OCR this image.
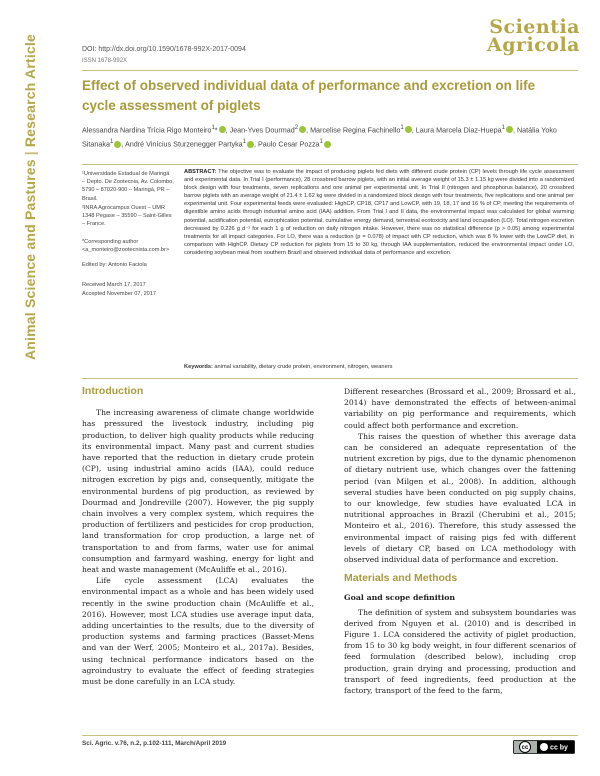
Animal Science and Pastures|Research Article
Scientia
Agricola
DOI: http://dx.doi.org/10.1590/1678-992X-2017-0094
ISSN 1678-992X
Effect of observed individual data of performance and excretion on life cycle assessment of piglets
Alessandra Nardina Trícia Rigo Monteiro$^1$* , Jean-Yves Dourmad$^2$ , Marcelise Regina Fachinello$^1$ , Laura Marcela Diaz-Huepa$^1$ , Natália Yoko Sitanaka$^1$ , André Vinícius Sturzenegger Partyka$^1$ , Paulo Cesar Pozza$^1$
¹Universidade Estadual de Maringá – Depto. De Zootecnia, Av. Colombo, 5790 – 87020-900 – Maringá, PR – Brasil.
²INRA Agrocampus Ouest – UMR 1348 Pegase – 35590 – Saint-Gilles – France.
*Corresponding author <a_monteiro@zootecnista.com.br>
Edited by: Antonio Faciola
Received March 17, 2017
Accepted November 07, 2017
ABSTRACT: The objective was to evaluate the impact of producing piglets fed diets with different crude protein (CP) levels through life cycle assessment and experimental data. In Trial I (performance), 28 crossbred barrow piglets, with an initial average weight of 15.3 ± 1.15 kg were divided into a randomized block design with four treatments, seven replications and one animal per experimental unit. In Trial II (nitrogen and phosphorus balance), 20 crossbred barrow piglets with an average weight of 21.4 ± 1.62 kg were divided in a randomized block design with four treatments, five replications and one animal per experimental unit. Four experimental feeds were evaluated: HighCP, CP18, CP17 and LowCP, with 19, 18, 17 and 16 % of CP, meeting the requirements of digestible amino acids through industrial amino acid (IAA) addition. From Trial I and II data, the environmental impact was calculated for global warming potential, acidification potential, eutrophication potential, cumulative energy demand, terrestrial ecotoxicity and land occupation (LO). Total nitrogen excretion decreased by 0.226 g d⁻¹ for each 1 g of reduction on daily nitrogen intake. However, there was no statistical difference (p > 0.05) among experimental treatments for all impact categories. For LO, there was a reduction (p = 0.078) of impact with CP reduction, which was 8 % lower with the LowCP diet, in comparison with HighCP. Dietary CP reduction for piglets from 15 to 30 kg, through IAA supplementation, reduced the environmental impact under LO, considering soybean meal from southern Brazil and observed individual data of performance and excretion.
Keywords: animal variability, dietary crude protein, environment, nitrogen, weaners
Introduction

The increasing awareness of climate change worldwide has pressured the livestock industry, including pig production, to deliver high quality products while reducing its environmental impact. Many past and current studies have reported that the reduction in dietary crude protein (CP), using industrial amino acids (IAA), could reduce nitrogen excretion by pigs and, consequently, mitigate the environmental burdens of pig production, as reviewed by Dourmad and Jondreville (2007). However, the pig supply chain involves a very complex system, which requires the production of fertilizers and pesticides for crop production, land transformation for crop production, a large net of transportation to and from farms, water use for animal consumption and farmyard washing, energy for light and heat and waste management (McAuliffe et al., 2016).

Life cycle assessment (LCA) evaluates the environmental impact as a whole and has been widely used recently in the swine production chain (McAuliffe et al., 2016). However, most LCA studies use average input data, adding uncertainties to the results, due to the diversity of production systems and farming practices (Basset-Mens and van der Werf, 2005; Monteiro et al., 2017a). Besides, using technical performance indicators based on the agroindustry to evaluate the effect of feeding strategies must be done carefully in an LCA study.

Different researches (Brossard et al., 2009; Brossard et al., 2014) have demonstrated the effects of between-animal variability on pig performance and requirements, which could affect both performance and excretion.

This raises the question of whether this average data can be considered an adequate representation of the nutrient excretion by pigs, due to the dynamic phenomenon of dietary nutrient use, which changes over the fattening period (van Milgen et al., 2008). In addition, although several studies have been conducted on pig supply chains, to our knowledge, few studies have evaluated LCA in nutritional approaches in Brazil (Cherubini et al., 2015; Monteiro et al., 2016). Therefore, this study assessed the environmental impact of raising pigs fed with different levels of dietary CP, based on LCA methodology with observed individual data of performance and excretion.

Materials and Methods
Goal and scope definition

The definition of system and subsystem boundaries was derived from Nguyen et al. (2010) and is described in Figure 1. LCA considered the activity of piglet production, from 15 to 30 kg body weight, in four different scenarios of feed formulation (described below), including crop production, grain drying and processing, production and transport of feed ingredients, feed production at the factory, transport of the feed to the farm,

Sci. Agric. v.76, n.2, p.102-111, March/April 2019
cc	cc by
